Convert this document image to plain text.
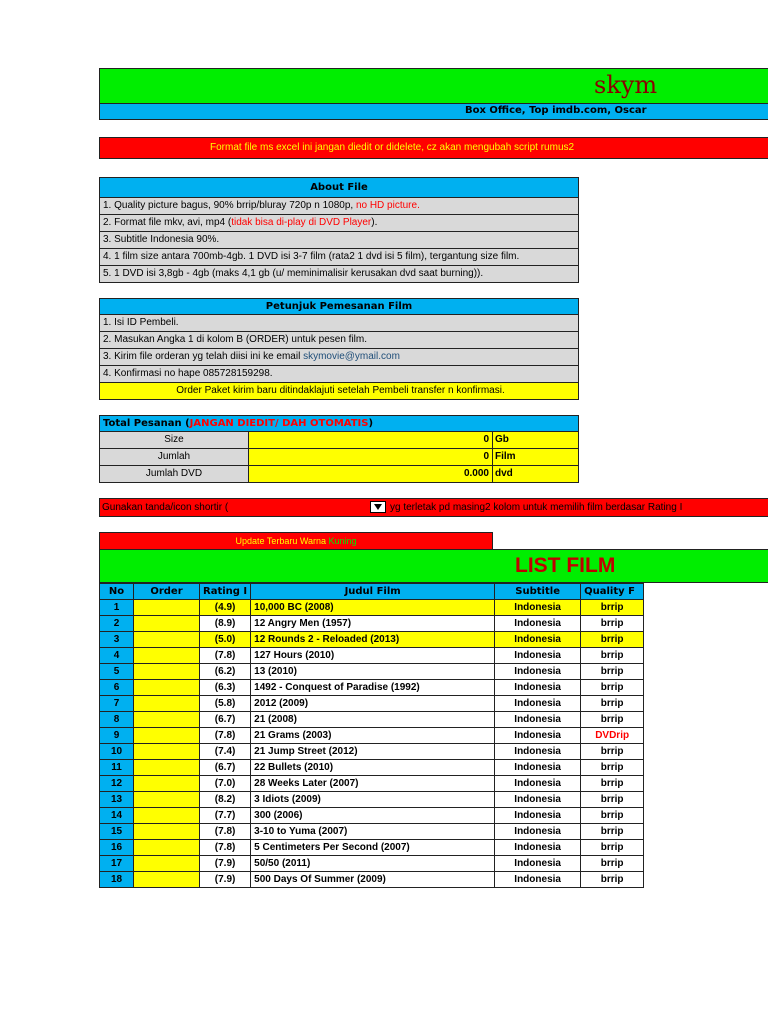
skym
Box Office, Top imdb.com, Oscar
Format file ms excel ini jangan diedit or didelete, cz akan mengubah script rumus2
About File
1. Quality picture bagus, 90% brrip/bluray 720p n 1080p, no HD picture.
2. Format file mkv, avi, mp4 (tidak bisa di-play di DVD Player).
3. Subtitle Indonesia 90%.
4. 1 film size antara 700mb-4gb. 1 DVD isi 3-7 film (rata2 1 dvd isi 5 film), tergantung size film.
5. 1 DVD isi 3,8gb - 4gb (maks 4,1 gb (u/ meminimalisir kerusakan dvd saat burning)).
Petunjuk Pemesanan Film
1. Isi ID Pembeli.
2. Masukan Angka 1 di kolom B (ORDER) untuk pesen film.
3. Kirim file orderan yg telah diisi ini ke email skymovie@ymail.com
4. Konfirmasi no hape 085728159298.
Order Paket kirim baru ditindaklajuti setelah Pembeli transfer n konfirmasi.
Total Pesanan (JANGAN DIEDIT/ DAH OTOMATIS)
Size	0 Gb
Jumlah	0 Film
Jumlah DVD	0.000 dvd
Gunakan tanda/icon shortir (	yg terletak pd masing2 kolom untuk memilih film berdasar Rating I
Update Terbaru Warna Kuning
LIST FILM
No	Order	Rating I	Judul Film	Subtitle	Quality F
1		(4.9)	10,000 BC (2008)	Indonesia	brrip
2		(8.9)	12 Angry Men (1957)	Indonesia	brrip
3		(5.0)	12 Rounds 2 - Reloaded (2013)	Indonesia	brrip
4		(7.8)	127 Hours (2010)	Indonesia	brrip
5		(6.2)	13 (2010)	Indonesia	brrip
6		(6.3)	1492 - Conquest of Paradise (1992)	Indonesia	brrip
7		(5.8)	2012 (2009)	Indonesia	brrip
8		(6.7)	21 (2008)	Indonesia	brrip
9		(7.8)	21 Grams (2003)	Indonesia	DVDrip
10		(7.4)	21 Jump Street (2012)	Indonesia	brrip
11		(6.7)	22 Bullets (2010)	Indonesia	brrip
12		(7.0)	28 Weeks Later (2007)	Indonesia	brrip
13		(8.2)	3 Idiots (2009)	Indonesia	brrip
14		(7.7)	300 (2006)	Indonesia	brrip
15		(7.8)	3-10 to Yuma (2007)	Indonesia	brrip
16		(7.8)	5 Centimeters Per Second (2007)	Indonesia	brrip
17		(7.9)	50/50 (2011)	Indonesia	brrip
18		(7.9)	500 Days Of Summer (2009)	Indonesia	brrip
